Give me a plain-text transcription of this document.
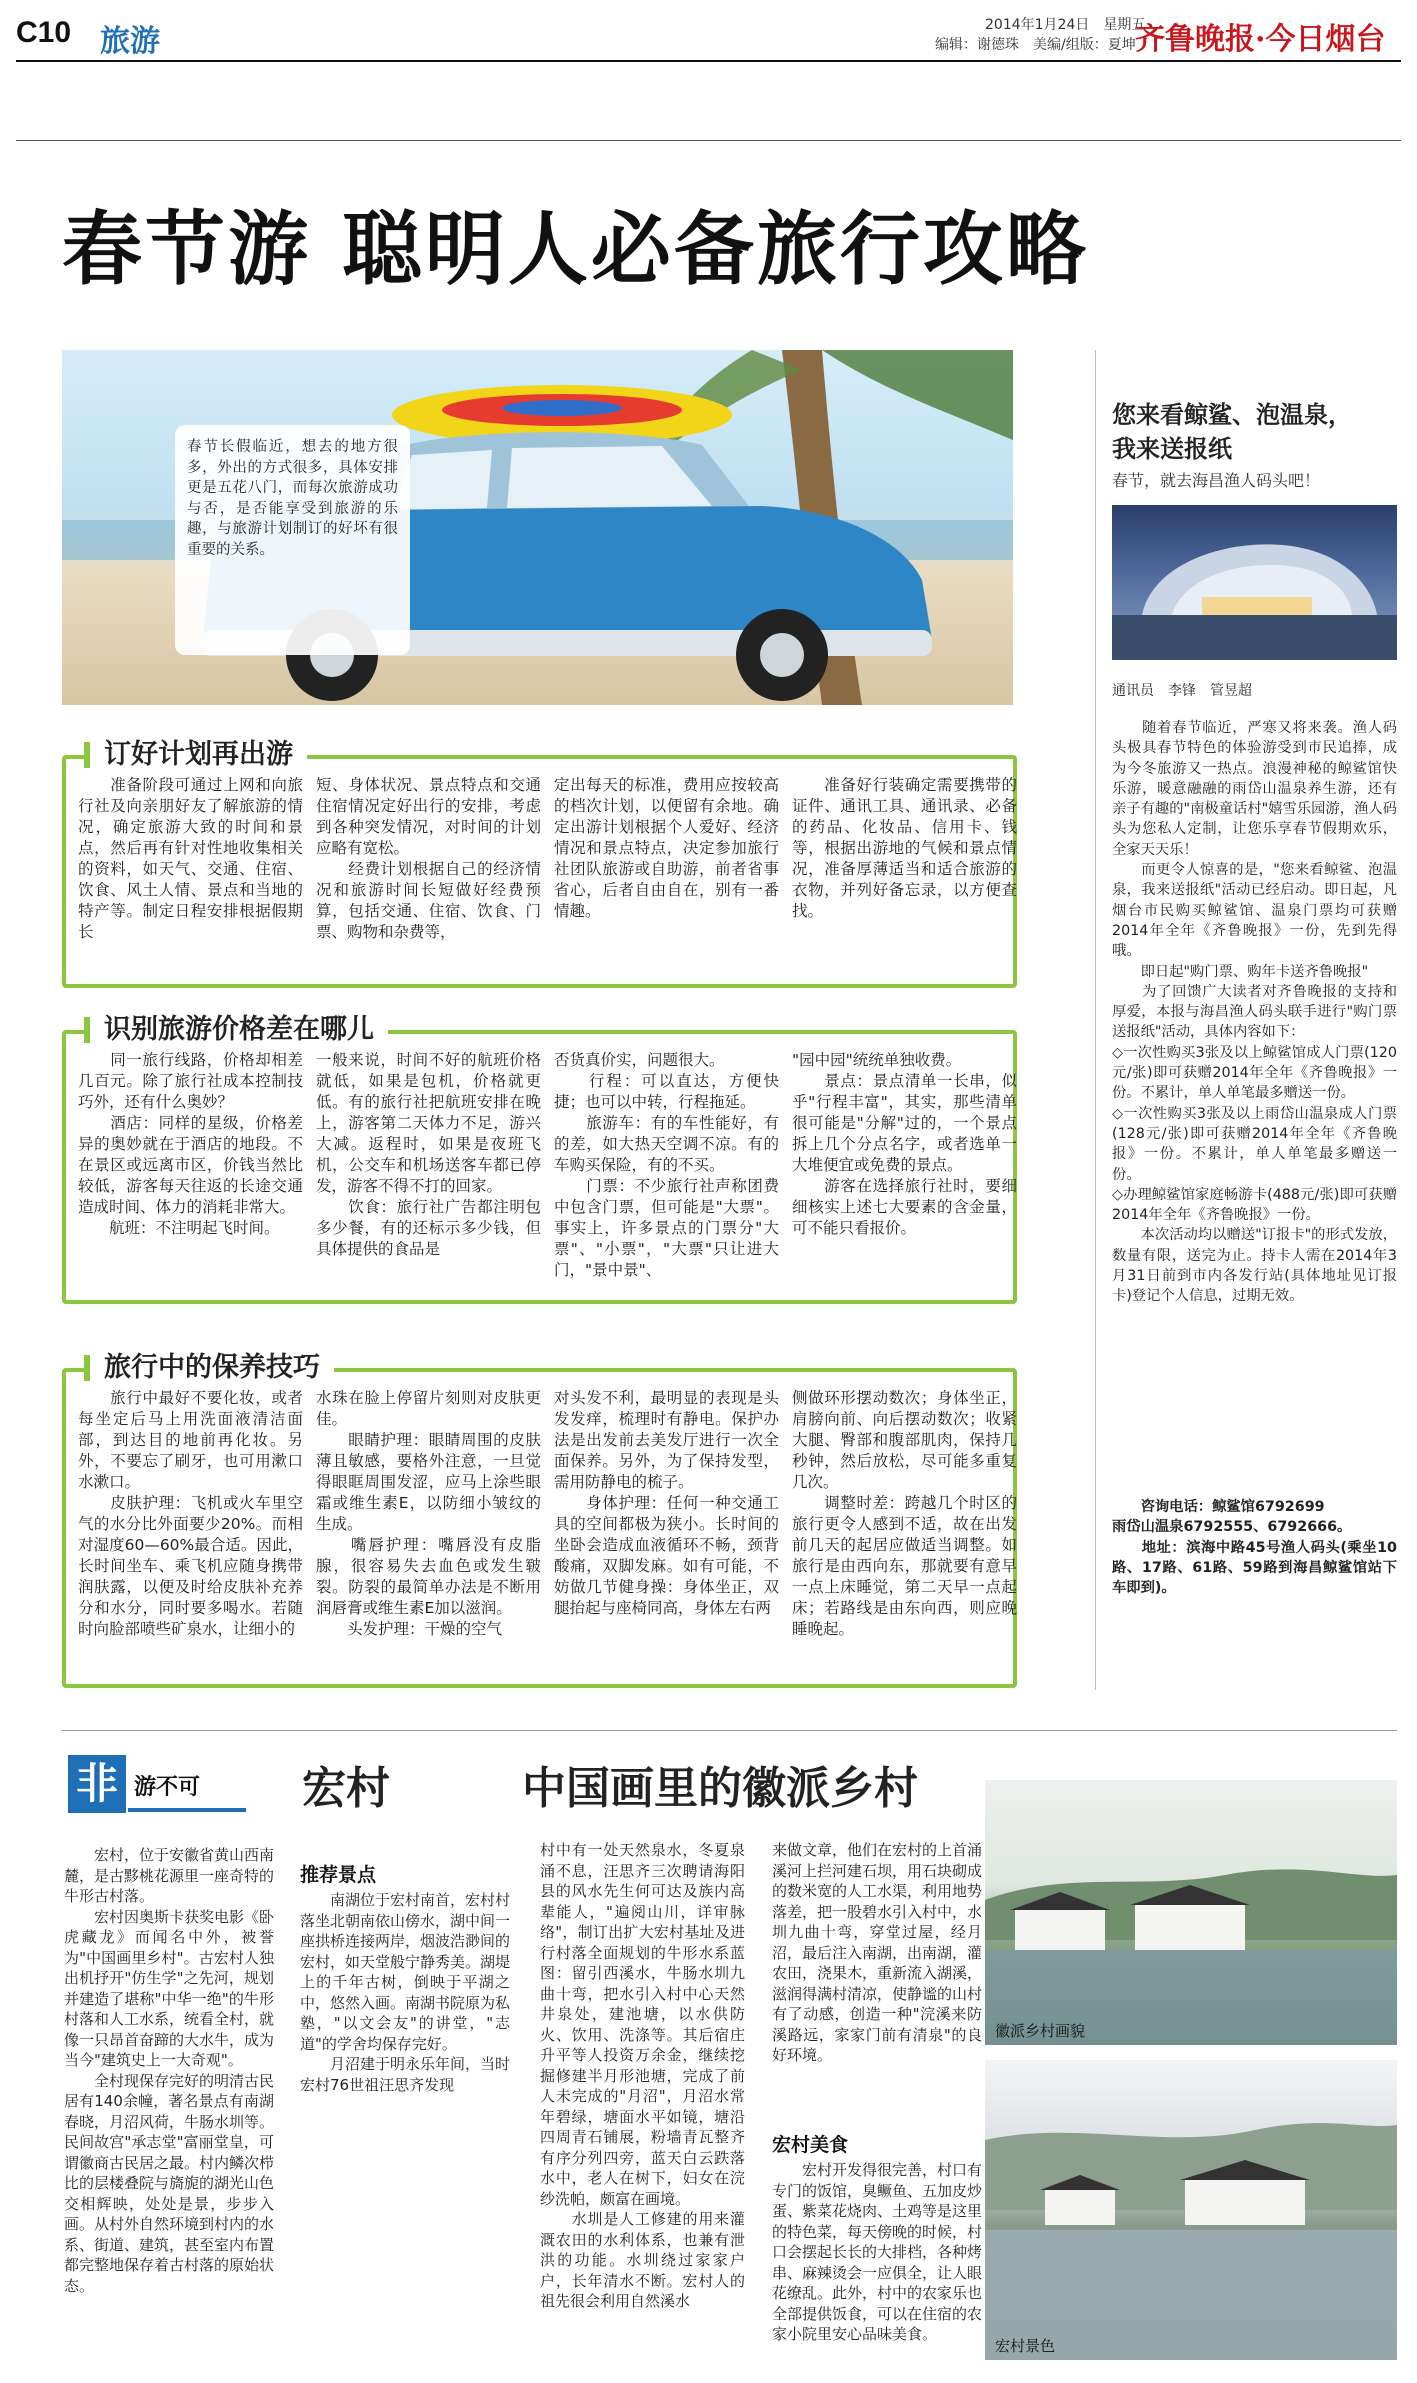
C10 旅游	2014年1月24日　星期五
编辑：谢德珠　美编/组版：夏坤 齐鲁晚报·今日烟台
春节游 聪明人必备旅行攻略
春节长假临近，想去的地方很多，外出的方式很多，具体安排更是五花八门，而每次旅游成功与否，是否能享受到旅游的乐趣，与旅游计划制订的好坏有很重要的关系。
　　准备阶段可通过上网和向旅行社及向亲朋好友了解旅游的情况，确定旅游大致的时间和景点，然后再有针对性地收集相关的资料，如天气、交通、住宿、饮食、风土人情、景点和当地的特产等。制定日程安排根据假期长
短、身体状况、景点特点和交通住宿情况定好出行的安排，考虑到各种突发情况，对时间的计划应略有宽松。
　　经费计划根据自己的经济情况和旅游时间长短做好经费预算，包括交通、住宿、饮食、门票、购物和杂费等，
定出每天的标准，费用应按较高的档次计划，以便留有余地。确定出游计划根据个人爱好、经济情况和景点特点，决定参加旅行社团队旅游或自助游，前者省事省心，后者自由自在，别有一番情趣。
　　准备好行装确定需要携带的证件、通讯工具、通讯录、必备的药品、化妆品、信用卡、钱等，根据出游地的气候和景点情况，准备厚薄适当和适合旅游的衣物，并列好备忘录，以方便查找。
订好计划再出游
　　同一旅行线路，价格却相差几百元。除了旅行社成本控制技巧外，还有什么奥妙？
　　酒店：同样的星级，价格差异的奥妙就在于酒店的地段。不在景区或远离市区，价钱当然比较低，游客每天往返的长途交通造成时间、体力的消耗非常大。
　　航班：不注明起飞时间。
一般来说，时间不好的航班价格就低，如果是包机，价格就更低。有的旅行社把航班安排在晚上，游客第二天体力不足，游兴大减。返程时，如果是夜班飞机，公交车和机场送客车都已停发，游客不得不打的回家。
　　饮食：旅行社广告都注明包多少餐，有的还标示多少钱，但具体提供的食品是
否货真价实，问题很大。
　　行程：可以直达，方便快捷；也可以中转，行程拖延。
　　旅游车：有的车性能好，有的差，如大热天空调不凉。有的车购买保险，有的不买。
　　门票：不少旅行社声称团费中包含门票，但可能是"大票"。事实上，许多景点的门票分"大票"、"小票"，"大票"只让进大门，"景中景"、
"园中园"统统单独收费。
　　景点：景点清单一长串，似乎"行程丰富"，其实，那些清单很可能是"分解"过的，一个景点拆上几个分点名字，或者选单一大堆便宜或免费的景点。
　　游客在选择旅行社时，要细细核实上述七大要素的含金量，可不能只看报价。
识别旅游价格差在哪儿
　　旅行中最好不要化妆，或者每坐定后马上用洗面液清洁面部，到达目的地前再化妆。另外，不要忘了刷牙，也可用漱口水漱口。
　　皮肤护理：飞机或火车里空气的水分比外面要少20%。而相对湿度60—60%最合适。因此，长时间坐车、乘飞机应随身携带润肤露，以便及时给皮肤补充养分和水分，同时要多喝水。若随时向脸部喷些矿泉水，让细小的
水珠在脸上停留片刻则对皮肤更佳。
　　眼睛护理：眼睛周围的皮肤薄且敏感，要格外注意，一旦觉得眼眶周围发涩，应马上涂些眼霜或维生素E，以防细小皱纹的生成。
　　嘴唇护理：嘴唇没有皮脂腺，很容易失去血色或发生皲裂。防裂的最简单办法是不断用润唇膏或维生素E加以滋润。
　　头发护理：干燥的空气
对头发不利，最明显的表现是头发发痒，梳理时有静电。保护办法是出发前去美发厅进行一次全面保养。另外，为了保持发型，需用防静电的梳子。
　　身体护理：任何一种交通工具的空间都极为狭小。长时间的坐卧会造成血液循环不畅，颈背酸痛，双脚发麻。如有可能，不妨做几节健身操：身体坐正，双腿抬起与座椅同高，身体左右两
侧做环形摆动数次；身体坐正，肩膀向前、向后摆动数次；收紧大腿、臀部和腹部肌肉，保持几秒钟，然后放松，尽可能多重复几次。
　　调整时差：跨越几个时区的旅行更令人感到不适，故在出发前几天的起居应做适当调整。如旅行是由西向东，那就要有意早一点上床睡觉，第二天早一点起床；若路线是由东向西，则应晚睡晚起。
旅行中的保养技巧
您来看鲸鲨、泡温泉，我来送报纸
春节，就去海昌渔人码头吧！
通讯员　李锋　管昱超
　　随着春节临近，严寒又将来袭。渔人码头极具春节特色的体验游受到市民追捧，成为今冬旅游又一热点。浪漫神秘的鲸鲨馆快乐游，暖意融融的雨岱山温泉养生游，还有亲子有趣的"南极童话村"嬉雪乐园游，渔人码头为您私人定制，让您乐享春节假期欢乐，全家天天乐！
　　而更令人惊喜的是，"您来看鲸鲨、泡温泉，我来送报纸"活动已经启动。即日起，凡烟台市民购买鲸鲨馆、温泉门票均可获赠2014年全年《齐鲁晚报》一份，先到先得哦。
　　即日起"购门票、购年卡送齐鲁晚报"
　　为了回馈广大读者对齐鲁晚报的支持和厚爱，本报与海昌渔人码头联手进行"购门票送报纸"活动，具体内容如下：
◇一次性购买3张及以上鲸鲨馆成人门票(120元/张)即可获赠2014年全年《齐鲁晚报》一份。不累计，单人单笔最多赠送一份。
◇一次性购买3张及以上雨岱山温泉成人门票(128元/张)即可获赠2014年全年《齐鲁晚报》一份。不累计，单人单笔最多赠送一份。
◇办理鲸鲨馆家庭畅游卡(488元/张)即可获赠2014年全年《齐鲁晚报》一份。
　　本次活动均以赠送"订报卡"的形式发放，数量有限，送完为止。持卡人需在2014年3月31日前到市内各发行站(具体地址见订报卡)登记个人信息，过期无效。
　　咨询电话：鲸鲨馆6792699
雨岱山温泉6792555、6792666。
　　地址：滨海中路45号渔人码头(乘坐10路、17路、61路、59路到海昌鲸鲨馆站下车即到)。
非 游不可 宏村	中国画里的徽派乡村
　　宏村，位于安徽省黄山西南麓，是古黟桃花源里一座奇特的牛形古村落。
　　宏村因奥斯卡获奖电影《卧虎藏龙》而闻名中外，被誉为"中国画里乡村"。古宏村人独出机抒开"仿生学"之先河，规划并建造了堪称"中华一绝"的牛形村落和人工水系，统看全村，就像一只昂首奋蹄的大水牛，成为当今"建筑史上一大奇观"。
　　全村现保存完好的明清古民居有140余幢，著名景点有南湖春晓，月沼风荷，牛肠水圳等。民间故宫"承志堂"富丽堂皇，可谓徽商古民居之最。村内鳞次栉比的层楼叠院与旖旎的湖光山色交相辉映，处处是景，步步入画。从村外自然环境到村内的水系、街道、建筑，甚至室内布置都完整地保存着古村落的原始状态。
推荐景点
　　南湖位于宏村南首，宏村村落坐北朝南依山傍水，湖中间一座拱桥连接两岸，烟波浩渺间的宏村，如天堂般宁静秀美。湖堤上的千年古树，倒映于平湖之中，悠然入画。南湖书院原为私塾，"以文会友"的讲堂，"志道"的学舍均保存完好。
　　月沼建于明永乐年间，当时宏村76世祖汪思齐发现
村中有一处天然泉水，冬夏泉涌不息，汪思齐三次聘请海阳县的风水先生何可达及族内高辈能人，"遍阅山川，详审脉络"，制订出扩大宏村基址及进行村落全面规划的牛形水系蓝图：留引西溪水，牛肠水圳九曲十弯，把水引入村中心天然井泉处，建池塘，以水供防火、饮用、洗涤等。其后宿庄升平等人投资万余金，继续挖掘修建半月形池塘，完成了前人未完成的"月沼"，月沼水常年碧绿，塘面水平如镜，塘沿四周青石铺展，粉墙青瓦整齐有序分列四旁，蓝天白云跌落水中，老人在树下，妇女在浣纱洗帕，颇富在画境。
　　水圳是人工修建的用来灌溉农田的水利体系，也兼有泄洪的功能。水圳绕过家家户户，长年清水不断。宏村人的祖先很会利用自然溪水
来做文章，他们在宏村的上首涌溪河上拦河建石坝，用石块砌成的数米宽的人工水渠，利用地势落差，把一股碧水引入村中，水圳九曲十弯，穿堂过屋，经月沼，最后注入南湖，出南湖，灌农田，浇果木，重新流入湖溪，滋润得满村清凉，使静谧的山村有了动感，创造一种"浣溪来防溪路远，家家门前有清泉"的良好环境。
宏村美食
　　宏村开发得很完善，村口有专门的饭馆，臭鳜鱼、五加皮炒蛋、紫菜花烧肉、土鸡等是这里的特色菜，每天傍晚的时候，村口会摆起长长的大排档，各种烤串、麻辣烫会一应俱全，让人眼花缭乱。此外，村中的农家乐也全部提供饭食，可以在住宿的农家小院里安心品味美食。
徽派乡村画貌
宏村景色
